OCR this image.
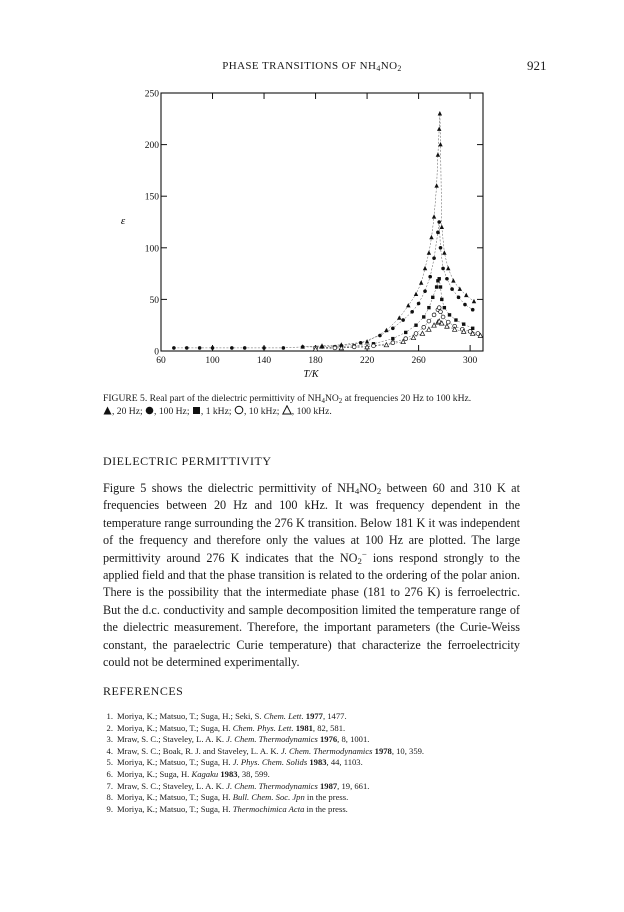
PHASE TRANSITIONS OF $NH_4NO_2$	921
60	100	140	180	220	260	300
0
50
100
150
200
250
T/K
ε
FIGURE 5. Real part of the dielectric permittivity of $NH_4NO_2$ at frequencies 20 Hz to 100 kHz.
, 20 Hz; , 100 Hz; , 1 kHz; , 10 kHz; , 100 kHz.
DIELECTRIC PERMITTIVITY
Figure 5 shows the dielectric permittivity of $NH_4NO_2$ between 60 and 310 K at frequencies between 20 Hz and 100 kHz. It was frequency dependent in the temperature range surrounding the 276 K transition. Below 181 K it was independent of the frequency and therefore only the values at 100 Hz are plotted. The large permittivity around 276 K indicates that the $NO_2^-$ ions respond strongly to the applied field and that the phase transition is related to the ordering of the polar anion. There is the possibility that the intermediate phase (181 to 276 K) is ferroelectric. But the d.c. conductivity and sample decomposition limited the temperature range of the dielectric measurement. Therefore, the important parameters (the Curie-Weiss constant, the paraelectric Curie temperature) that characterize the ferroelectricity could not be determined experimentally.
REFERENCES
1. Moriya, K.; Matsuo, T.; Suga, H.; Seki, S. Chem. Lett. 1977, 1477.
2. Moriya, K.; Matsuo, T.; Suga, H. Chem. Phys. Lett. 1981, 82, 581.
3. Mraw, S. C.; Staveley, L. A. K. J. Chem. Thermodynamics 1976, 8, 1001.
4. Mraw, S. C.; Boak, R. J. and Staveley, L. A. K. J. Chem. Thermodynamics 1978, 10, 359.
5. Moriya, K.; Matsuo, T.; Suga, H. J. Phys. Chem. Solids 1983, 44, 1103.
6. Moriya, K.; Suga, H. Kagaku 1983, 38, 599.
7. Mraw, S. C.; Staveley, L. A. K. J. Chem. Thermodynamics 1987, 19, 661.
8. Moriya, K.; Matsuo, T.; Suga, H. Bull. Chem. Soc. Jpn in the press.
9. Moriya, K.; Matsuo, T.; Suga, H. Thermochimica Acta in the press.
